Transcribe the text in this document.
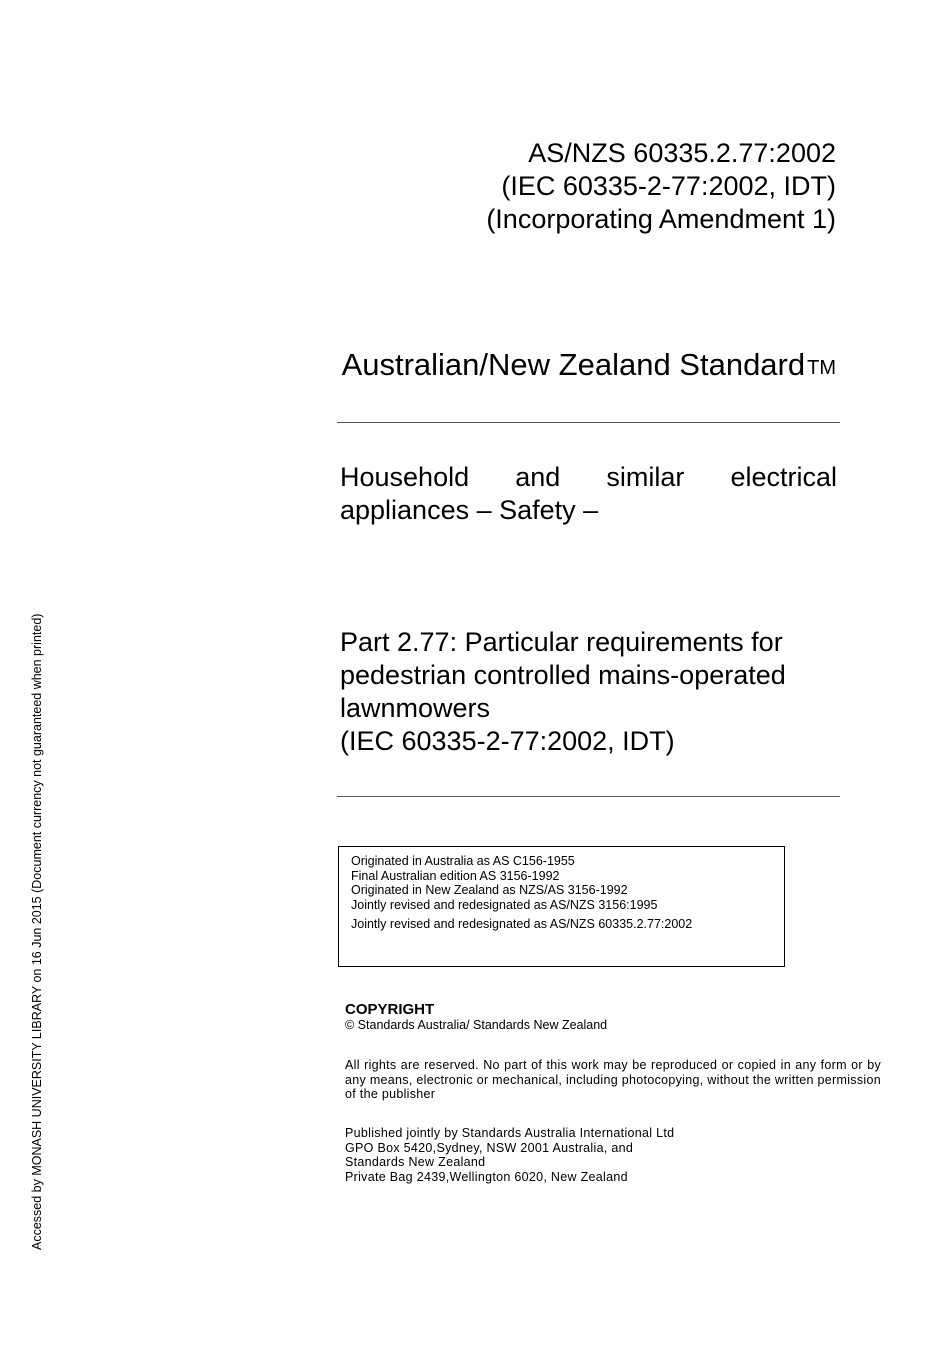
AS/NZS 60335.2.77:2002
(IEC 60335-2-77:2002, IDT)
(Incorporating Amendment 1)
Australian/New Zealand Standard ™
Household and similar electrical appliances – Safety –
Part 2.77: Particular requirements for
pedestrian controlled mains-operated
lawnmowers
(IEC 60335-2-77:2002, IDT)
Originated in Australia as AS C156-1955
Final Australian edition AS 3156-1992
Originated in New Zealand as NZS/AS 3156-1992
Jointly revised and redesignated as AS/NZS 3156:1995
Jointly revised and redesignated as AS/NZS 60335.2.77:2002
COPYRIGHT
© Standards Australia/ Standards New Zealand
All rights are reserved. No part of this work may be reproduced or copied in any form or by any means, electronic or mechanical, including photocopying, without the written permission of the publisher
Published jointly by Standards Australia International Ltd
GPO Box 5420,Sydney, NSW 2001 Australia, and
Standards New Zealand
Private Bag 2439,Wellington 6020, New Zealand
Accessed by MONASH UNIVERSITY LIBRARY on 16 Jun 2015 (Document currency not guaranteed when printed)
